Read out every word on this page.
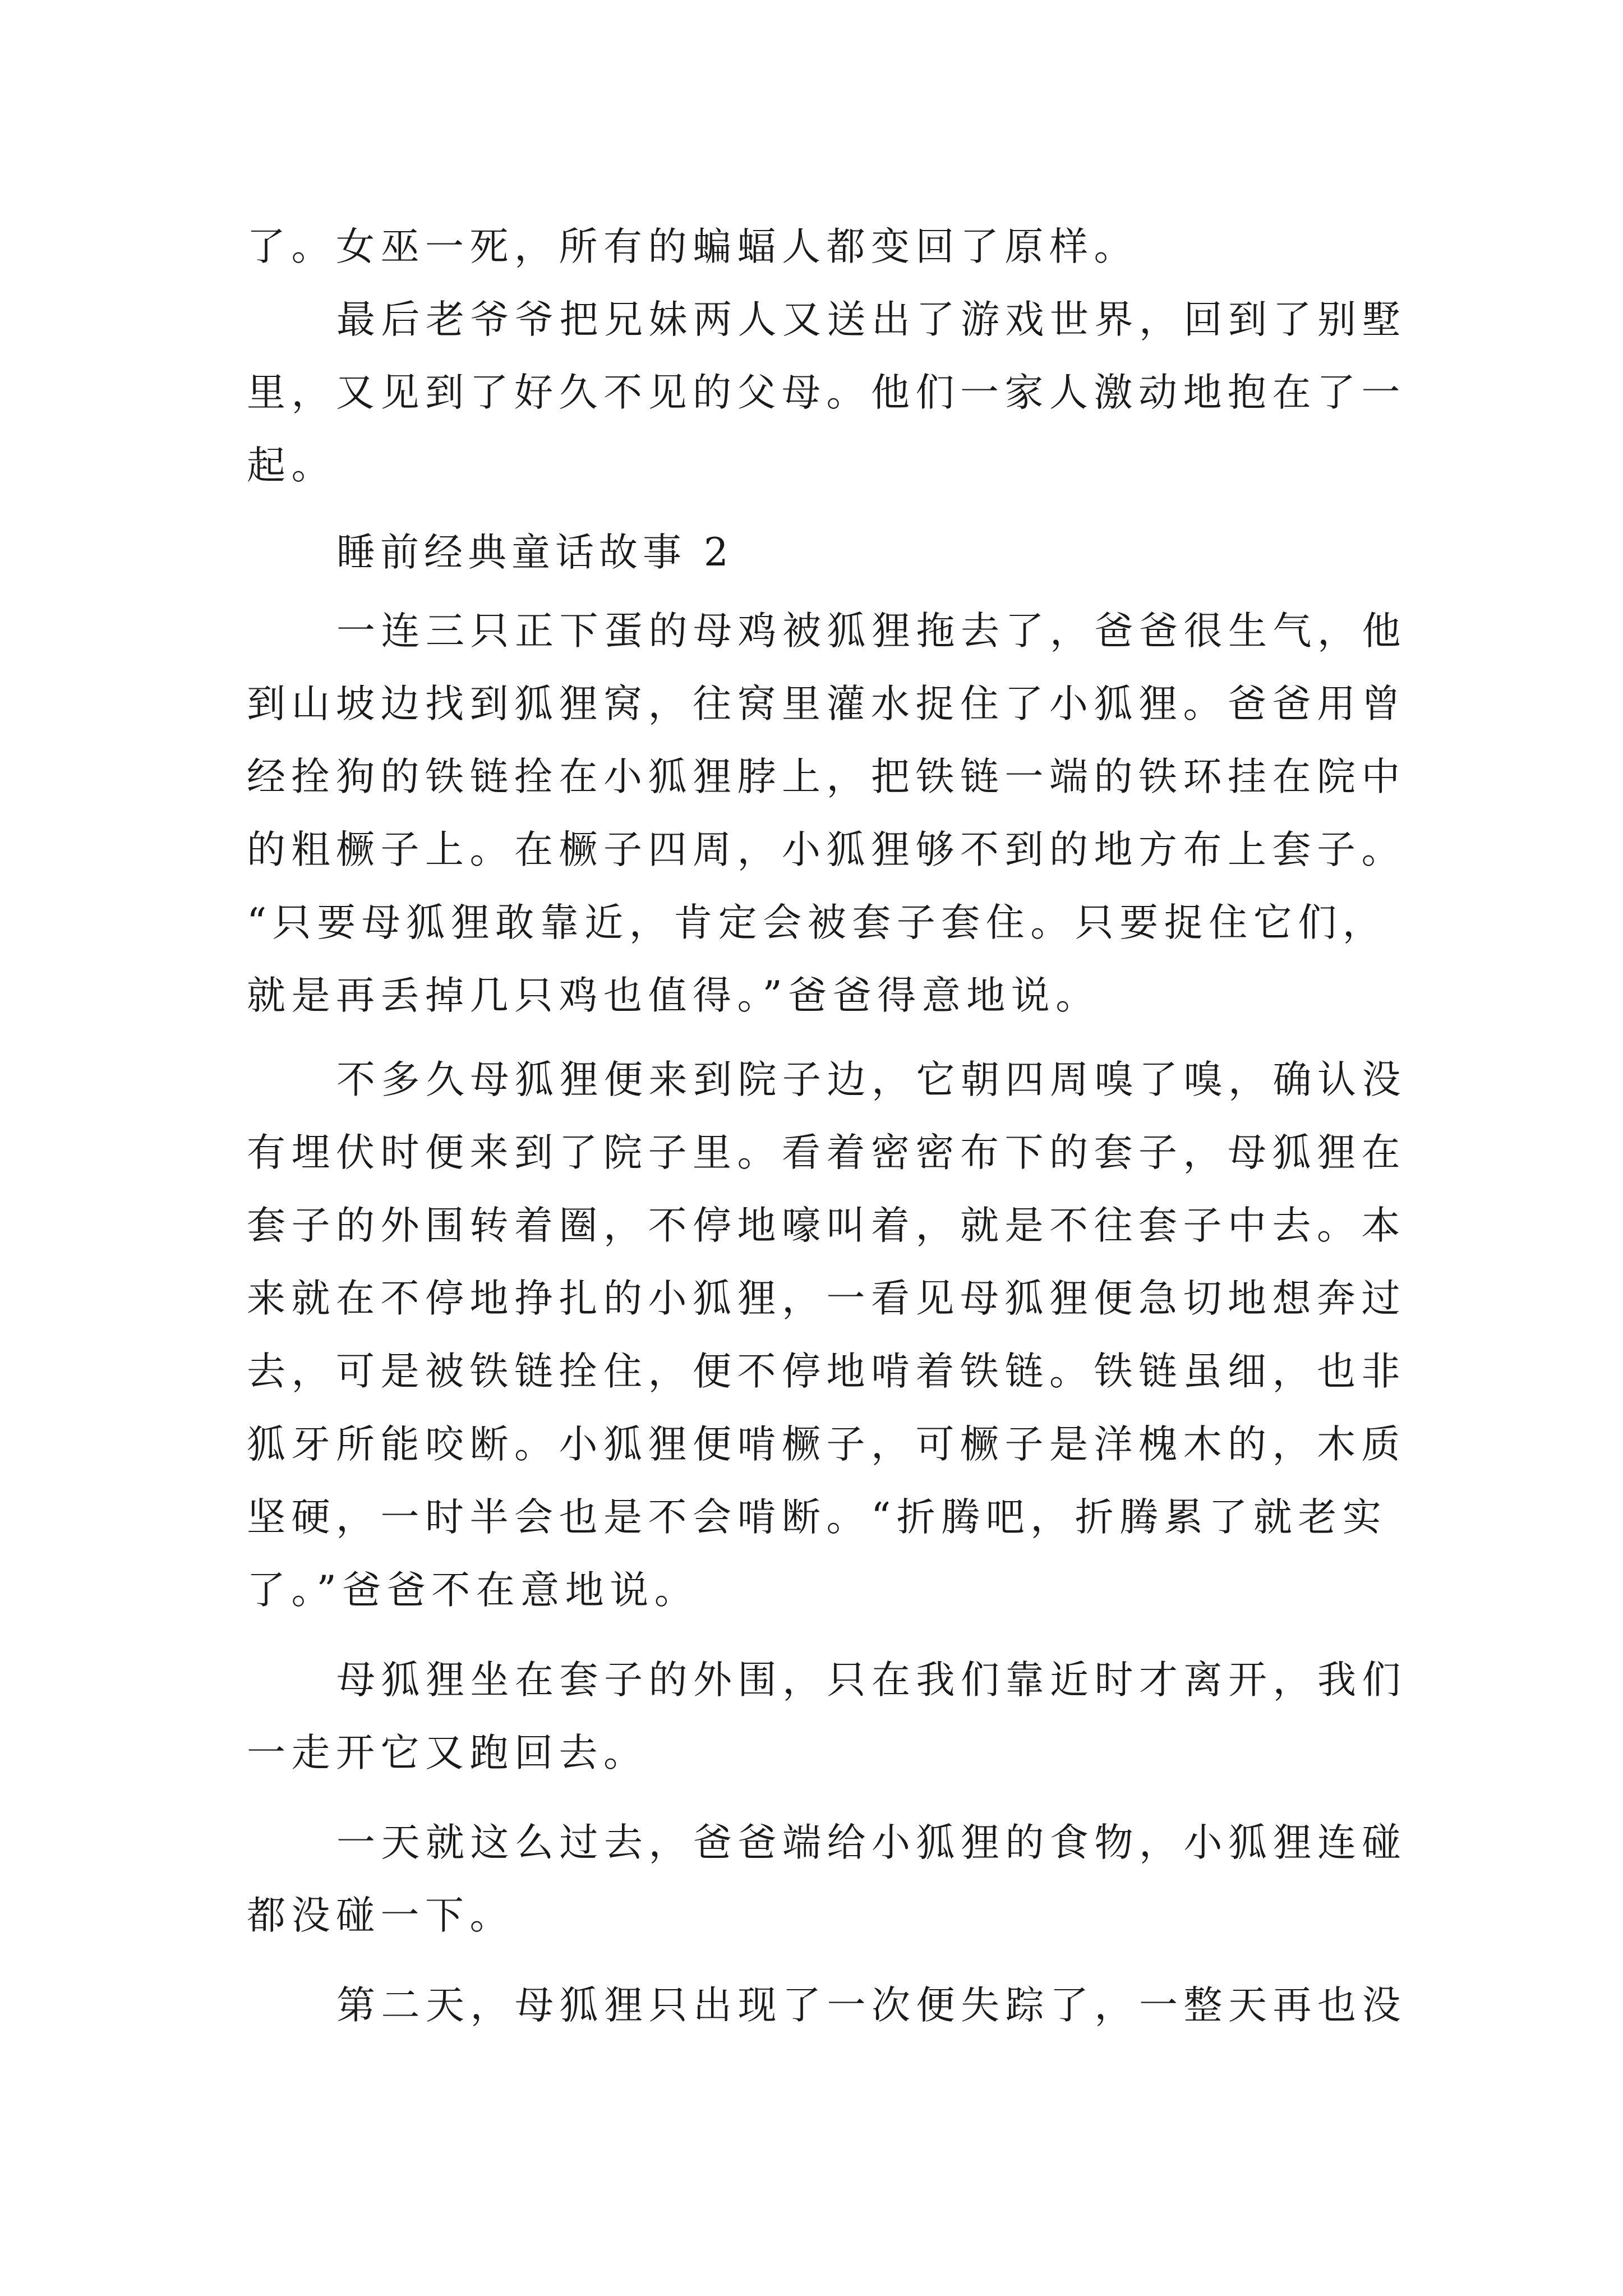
了。女巫一死，所有的蝙蝠人都变回了原样。
最后老爷爷把兄妹两人又送出了游戏世界，回到了别墅
里，又见到了好久不见的父母。他们一家人激动地抱在了一
起。
睡前经典童话故事 2
一连三只正下蛋的母鸡被狐狸拖去了，爸爸很生气，他
到山坡边找到狐狸窝，往窝里灌水捉住了小狐狸。爸爸用曾
经拴狗的铁链拴在小狐狸脖上，把铁链一端的铁环挂在院中
的粗橛子上。在橛子四周，小狐狸够不到的地方布上套子。
“只要母狐狸敢靠近，肯定会被套子套住。只要捉住它们，
就是再丢掉几只鸡也值得。”爸爸得意地说。
不多久母狐狸便来到院子边，它朝四周嗅了嗅，确认没
有埋伏时便来到了院子里。看着密密布下的套子，母狐狸在
套子的外围转着圈，不停地嚎叫着，就是不往套子中去。本
来就在不停地挣扎的小狐狸，一看见母狐狸便急切地想奔过
去，可是被铁链拴住，便不停地啃着铁链。铁链虽细，也非
狐牙所能咬断。小狐狸便啃橛子，可橛子是洋槐木的，木质
坚硬，一时半会也是不会啃断。“折腾吧，折腾累了就老实
了。”爸爸不在意地说。
母狐狸坐在套子的外围，只在我们靠近时才离开，我们
一走开它又跑回去。
一天就这么过去，爸爸端给小狐狸的食物，小狐狸连碰
都没碰一下。
第二天，母狐狸只出现了一次便失踪了，一整天再也没
